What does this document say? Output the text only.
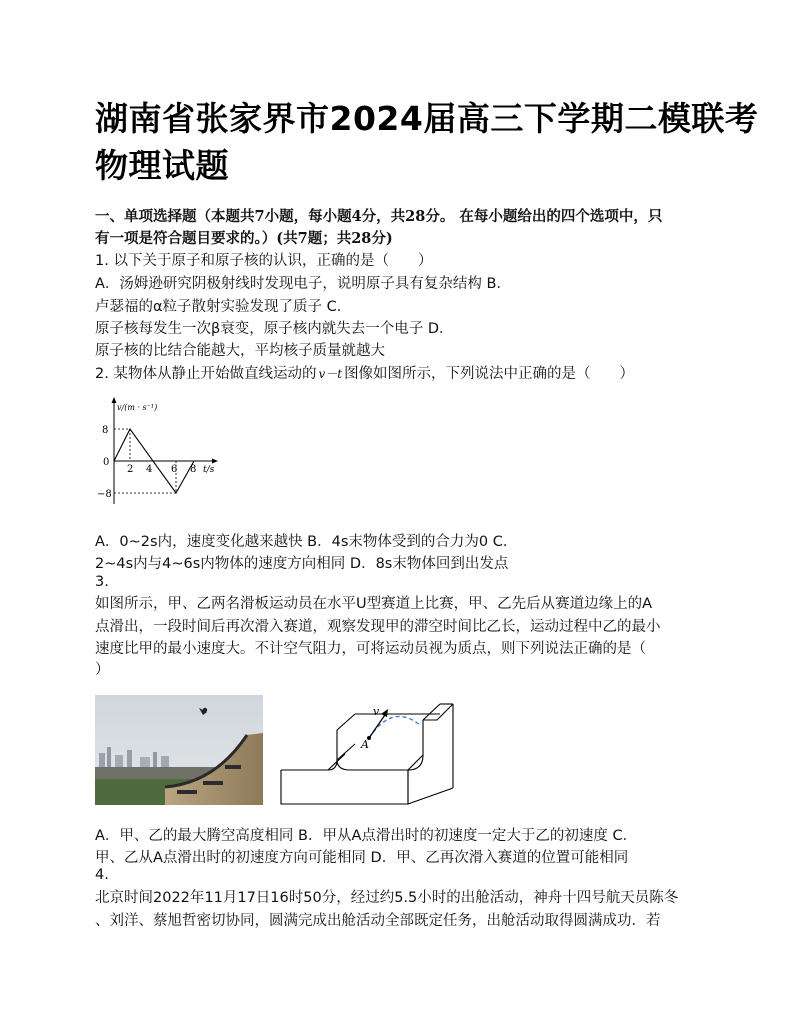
湖南省张家界市2024届高三下学期二模联考
物理试题
一、单项选择题（本题共7小题，每小题4分，共28分。 在每小题给出的四个选项中，只
有一项是符合题目要求的。）(共7题；共28分)
1. 以下关于原子和原子核的认识，正确的是（　　）
A．汤姆逊研究阴极射线时发现电子，说明原子具有复杂结构 B．
卢瑟福的α粒子散射实验发现了质子 C．
原子核每发生一次β衰变，原子核内就失去一个电子 D．
原子核的比结合能越大，平均核子质量就越大
2. 某物体从静止开始做直线运动的 v－t 图像如图所示，下列说法中正确的是（　　）
v/(m · s⁻¹)
t/s
8
0
−8
2 4 6 8
A．0~2s内，速度变化越来越快 B．4s末物体受到的合力为0 C．
2~4s内与4~6s内物体的速度方向相同 D．8s末物体回到出发点
3.
如图所示，甲、乙两名滑板运动员在水平U型赛道上比赛，甲、乙先后从赛道边缘上的A
点滑出，一段时间后再次滑入赛道，观察发现甲的滞空时间比乙长，运动过程中乙的最小
速度比甲的最小速度大。不计空气阻力，可将运动员视为质点，则下列说法正确的是（
）
v
A
A．甲、乙的最大腾空高度相同 B．甲从A点滑出时的初速度一定大于乙的初速度 C．
甲、乙从A点滑出时的初速度方向可能相同 D．甲、乙再次滑入赛道的位置可能相同
4.
北京时间2022年11月17日16时50分，经过约5.5小时的出舱活动，神舟十四号航天员陈冬
、刘洋、蔡旭哲密切协同，圆满完成出舱活动全部既定任务，出舱活动取得圆满成功．若
